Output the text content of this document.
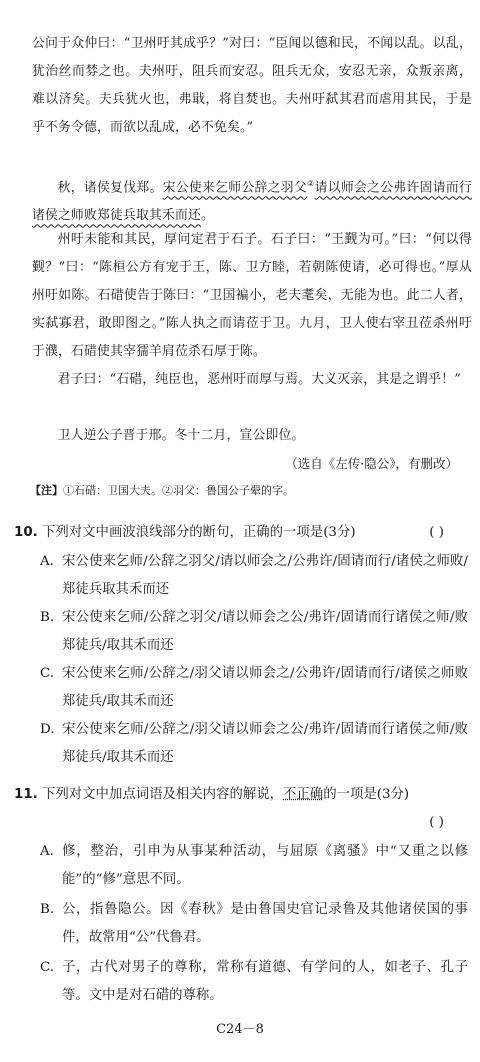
公问于众仲曰：“卫州吁其成乎？”对曰：“臣闻以德和民，不闻以乱。以乱，犹治丝而棼之也。夫州吁，阻兵而安忍。阻兵无众，安忍无亲，众叛亲离，难以济矣。夫兵犹火也，弗戢，将自焚也。夫州吁弑其君而虐用其民，于是乎不务令德，而欲以乱成，必不免矣。”

秋，诸侯复伐郑。宋公使来乞师公辞之羽父②请以师会之公弗许固请而行诸侯之师败郑徒兵取其禾而还。

州吁未能和其民，厚问定君于石子。石子曰：“王觐为可。”曰：“何以得觐？”曰：“陈桓公方有宠于王，陈、卫方睦，若朝陈使请，必可得也。”厚从州吁如陈。石碏使告于陈曰：“卫国褊小，老夫耄矣，无能为也。此二人者，实弑寡君，敢即图之。”陈人执之而请莅于卫。九月，卫人使右宰丑莅杀州吁于濮，石碏使其宰獳羊肩莅杀石厚于陈。

君子曰：“石碏，纯臣也，恶州吁而厚与焉。大义灭亲，其是之谓乎！”

卫人逆公子晋于邢。冬十二月，宣公即位。

（选自《左传·隐公》，有删改）
【注】①石碏：卫国大夫。②羽父：鲁国公子翚的字。
10. 下列对文中画波浪线部分的断句，正确的一项是(3分)	( )
A. 宋公使来乞师/公辞之羽父/请以师会之/公弗许/固请而行/诸侯之师败/郑徒兵取其禾而还
B. 宋公使来乞师/公辞之羽父/请以师会之公/弗许/固请而行诸侯之师/败郑徒兵/取其禾而还
C. 宋公使来乞师/公辞之/羽父请以师会之/公弗许/固请而行/诸侯之师败郑徒兵/取其禾而还
D. 宋公使来乞师/公辞之/羽父请以师会之公/弗许/固请而行诸侯之师/败郑徒兵/取其禾而还
11. 下列对文中加点词语及相关内容的解说，不正确的一项是(3分)
( )
C24－8
A. 修，整治，引申为从事某种活动，与屈原《离骚》中“又重之以修能”的“修”意思不同。
B. 公，指鲁隐公。因《春秋》是由鲁国史官记录鲁及其他诸侯国的事件，故常用“公”代鲁君。
C. 子，古代对男子的尊称，常称有道德、有学问的人，如老子、孔子等。文中是对石碏的尊称。
